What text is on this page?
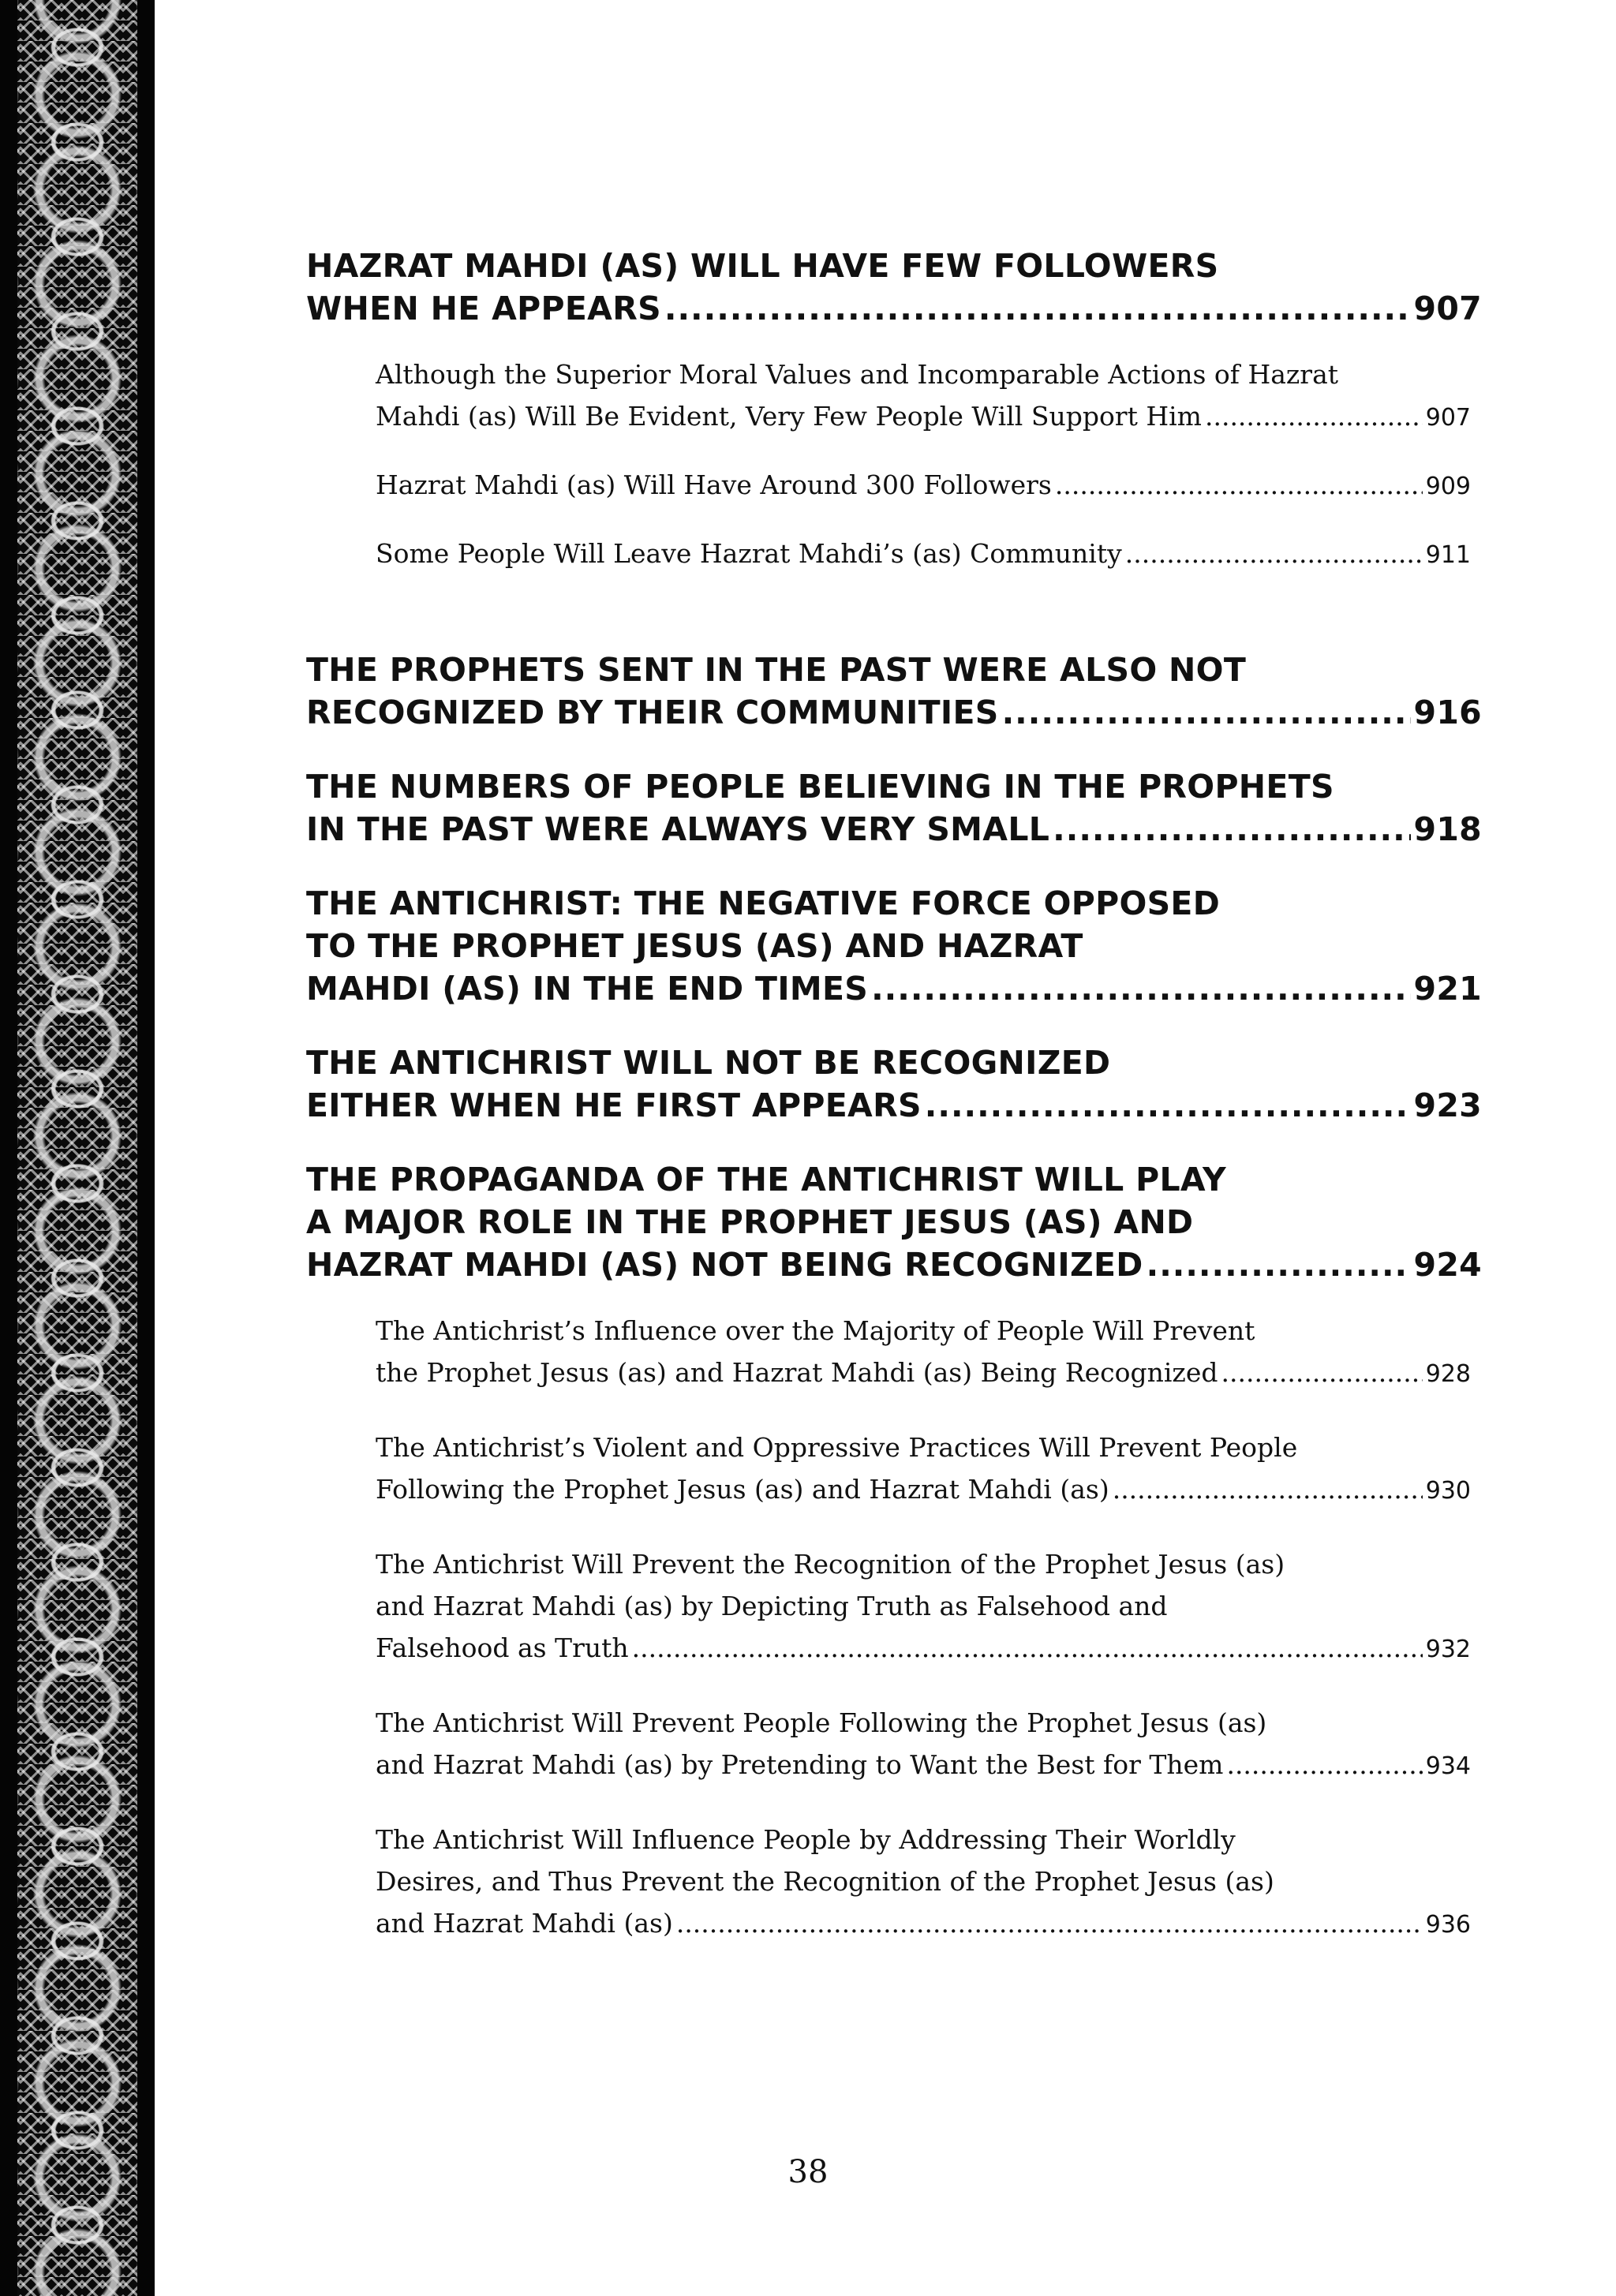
HAZRAT MAHDI (AS) WILL HAVE FEW FOLLOWERS
WHEN HE APPEARS .....	907
Although the Superior Moral Values and Incomparable Actions of Hazrat
Mahdi (as) Will Be Evident, Very Few People Will Support Him .....	907
Hazrat Mahdi (as) Will Have Around 300 Followers .....	909
Some People Will Leave Hazrat Mahdi’s (as) Community .....	911
THE PROPHETS SENT IN THE PAST WERE ALSO NOT
RECOGNIZED BY THEIR COMMUNITIES .....	916
THE NUMBERS OF PEOPLE BELIEVING IN THE PROPHETS
IN THE PAST WERE ALWAYS VERY SMALL .....	918
THE ANTICHRIST: THE NEGATIVE FORCE OPPOSED
TO THE PROPHET JESUS (AS) AND HAZRAT
MAHDI (AS) IN THE END TIMES .....	921
THE ANTICHRIST WILL NOT BE RECOGNIZED
EITHER WHEN HE FIRST APPEARS .....	923
THE PROPAGANDA OF THE ANTICHRIST WILL PLAY
A MAJOR ROLE IN THE PROPHET JESUS (AS) AND
HAZRAT MAHDI (AS) NOT BEING RECOGNIZED .....	924
The Antichrist’s Influence over the Majority of People Will Prevent
the Prophet Jesus (as) and Hazrat Mahdi (as) Being Recognized .....	928
The Antichrist’s Violent and Oppressive Practices Will Prevent People
Following the Prophet Jesus (as) and Hazrat Mahdi (as) .....	930
The Antichrist Will Prevent the Recognition of the Prophet Jesus (as)
and Hazrat Mahdi (as) by Depicting Truth as Falsehood and
Falsehood as Truth .....	932
The Antichrist Will Prevent People Following the Prophet Jesus (as)
and Hazrat Mahdi (as) by Pretending to Want the Best for Them .....	934
The Antichrist Will Influence People by Addressing Their Worldly
Desires, and Thus Prevent the Recognition of the Prophet Jesus (as)
and Hazrat Mahdi (as) .....	936
38
